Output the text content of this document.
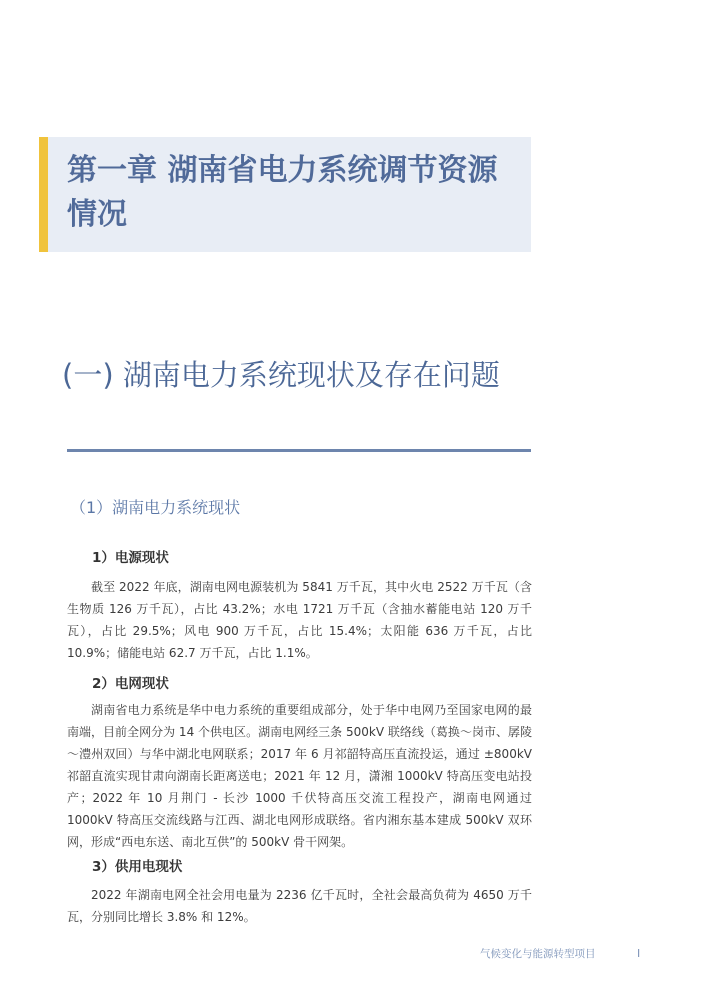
第一章 湖南省电力系统调节资源情况
(一) 湖南电力系统现状及存在问题
（1）湖南电力系统现状
1）电源现状

截至 2022 年底，湖南电网电源装机为 5841 万千瓦，其中火电 2522 万千瓦（含生物质 126 万千瓦），占比 43.2%；水电 1721 万千瓦（含抽水蓄能电站 120 万千瓦），占比 29.5%；风电 900 万千瓦，占比 15.4%；太阳能 636 万千瓦，占比 10.9%；储能电站 62.7 万千瓦，占比 1.1%。

2）电网现状

湖南省电力系统是华中电力系统的重要组成部分，处于华中电网乃至国家电网的最南端，目前全网分为 14 个供电区。湖南电网经三条 500kV 联络线（葛换～岗市、孱陵～澧州双回）与华中湖北电网联系；2017 年 6 月祁韶特高压直流投运，通过 ±800kV 祁韶直流实现甘肃向湖南长距离送电；2021 年 12 月，潇湘 1000kV 特高压变电站投产；2022 年 10 月荆门 - 长沙 1000 千伏特高压交流工程投产，湖南电网通过 1000kV 特高压交流线路与江西、湖北电网形成联络。省内湘东基本建成 500kV 双环网，形成“西电东送、南北互供”的 500kV 骨干网架。

3）供用电现状

2022 年湖南电网全社会用电量为 2236 亿千瓦时，全社会最高负荷为 4650 万千瓦，分别同比增长 3.8% 和 12%。

气候变化与能源转型项目	I
